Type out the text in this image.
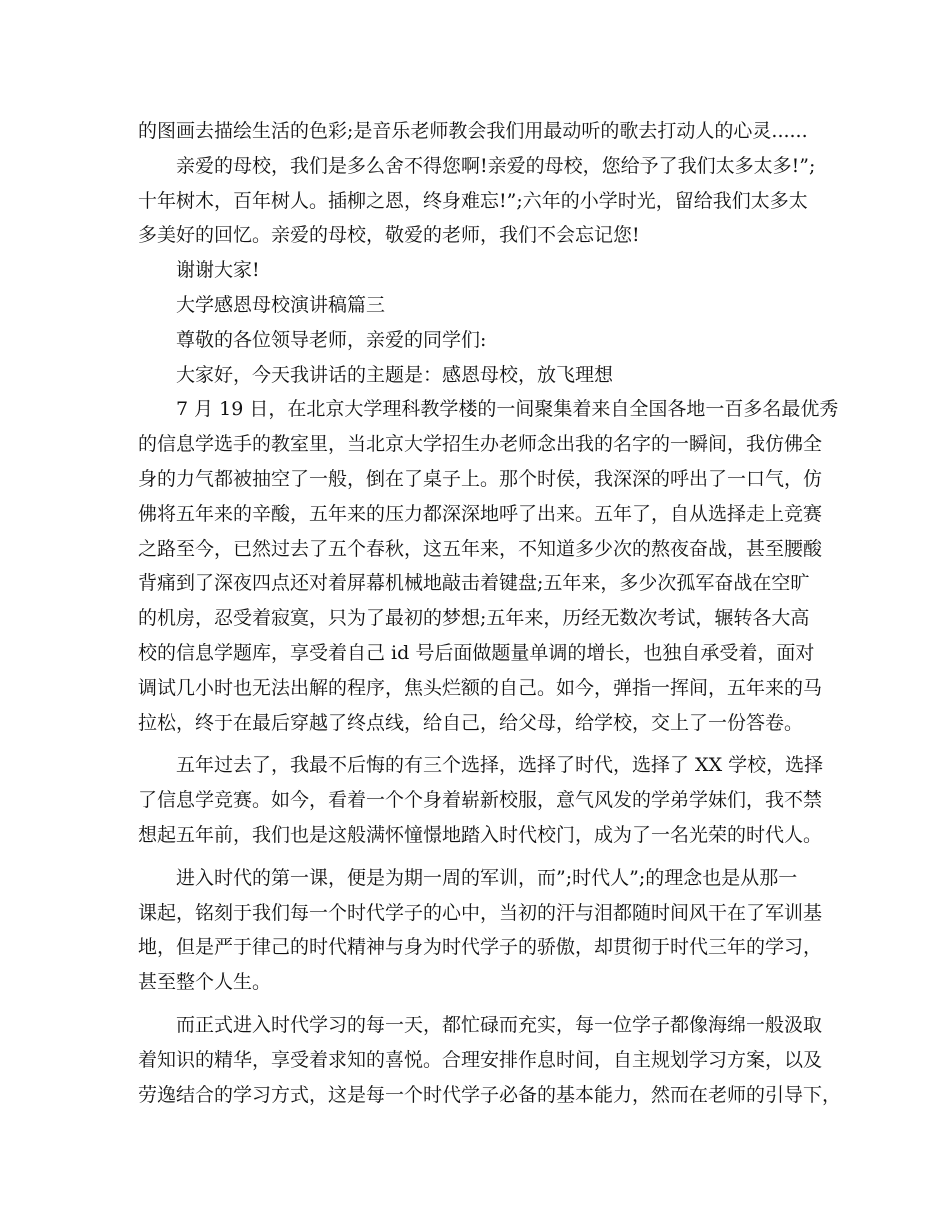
的图画去描绘生活的色彩;是音乐老师教会我们用最动听的歌去打动人的心灵......
亲爱的母校，我们是多么舍不得您啊!亲爱的母校，您给予了我们太多太多!”;
十年树木，百年树人。插柳之恩，终身难忘!”;六年的小学时光，留给我们太多太
多美好的回忆。亲爱的母校，敬爱的老师，我们不会忘记您!
谢谢大家!
大学感恩母校演讲稿篇三
尊敬的各位领导老师，亲爱的同学们:
大家好，今天我讲话的主题是：感恩母校，放飞理想
7 月 19 日，在北京大学理科教学楼的一间聚集着来自全国各地一百多名最优秀
的信息学选手的教室里，当北京大学招生办老师念出我的名字的一瞬间，我仿佛全
身的力气都被抽空了一般，倒在了桌子上。那个时侯，我深深的呼出了一口气，仿
佛将五年来的辛酸，五年来的压力都深深地呼了出来。五年了，自从选择走上竞赛
之路至今，已然过去了五个春秋，这五年来，不知道多少次的熬夜奋战，甚至腰酸
背痛到了深夜四点还对着屏幕机械地敲击着键盘;五年来，多少次孤军奋战在空旷
的机房，忍受着寂寞，只为了最初的梦想;五年来，历经无数次考试，辗转各大高
校的信息学题库，享受着自己 id 号后面做题量单调的增长，也独自承受着，面对
调试几小时也无法出解的程序，焦头烂额的自己。如今，弹指一挥间，五年来的马
拉松，终于在最后穿越了终点线，给自己，给父母，给学校，交上了一份答卷。
五年过去了，我最不后悔的有三个选择，选择了时代，选择了 XX 学校，选择
了信息学竞赛。如今，看着一个个身着崭新校服，意气风发的学弟学妹们，我不禁
想起五年前，我们也是这般满怀憧憬地踏入时代校门，成为了一名光荣的时代人。
进入时代的第一课，便是为期一周的军训，而”;时代人”;的理念也是从那一
课起，铭刻于我们每一个时代学子的心中，当初的汗与泪都随时间风干在了军训基
地，但是严于律己的时代精神与身为时代学子的骄傲，却贯彻于时代三年的学习，
甚至整个人生。
而正式进入时代学习的每一天，都忙碌而充实，每一位学子都像海绵一般汲取
着知识的精华，享受着求知的喜悦。合理安排作息时间，自主规划学习方案，以及
劳逸结合的学习方式，这是每一个时代学子必备的基本能力，然而在老师的引导下，
